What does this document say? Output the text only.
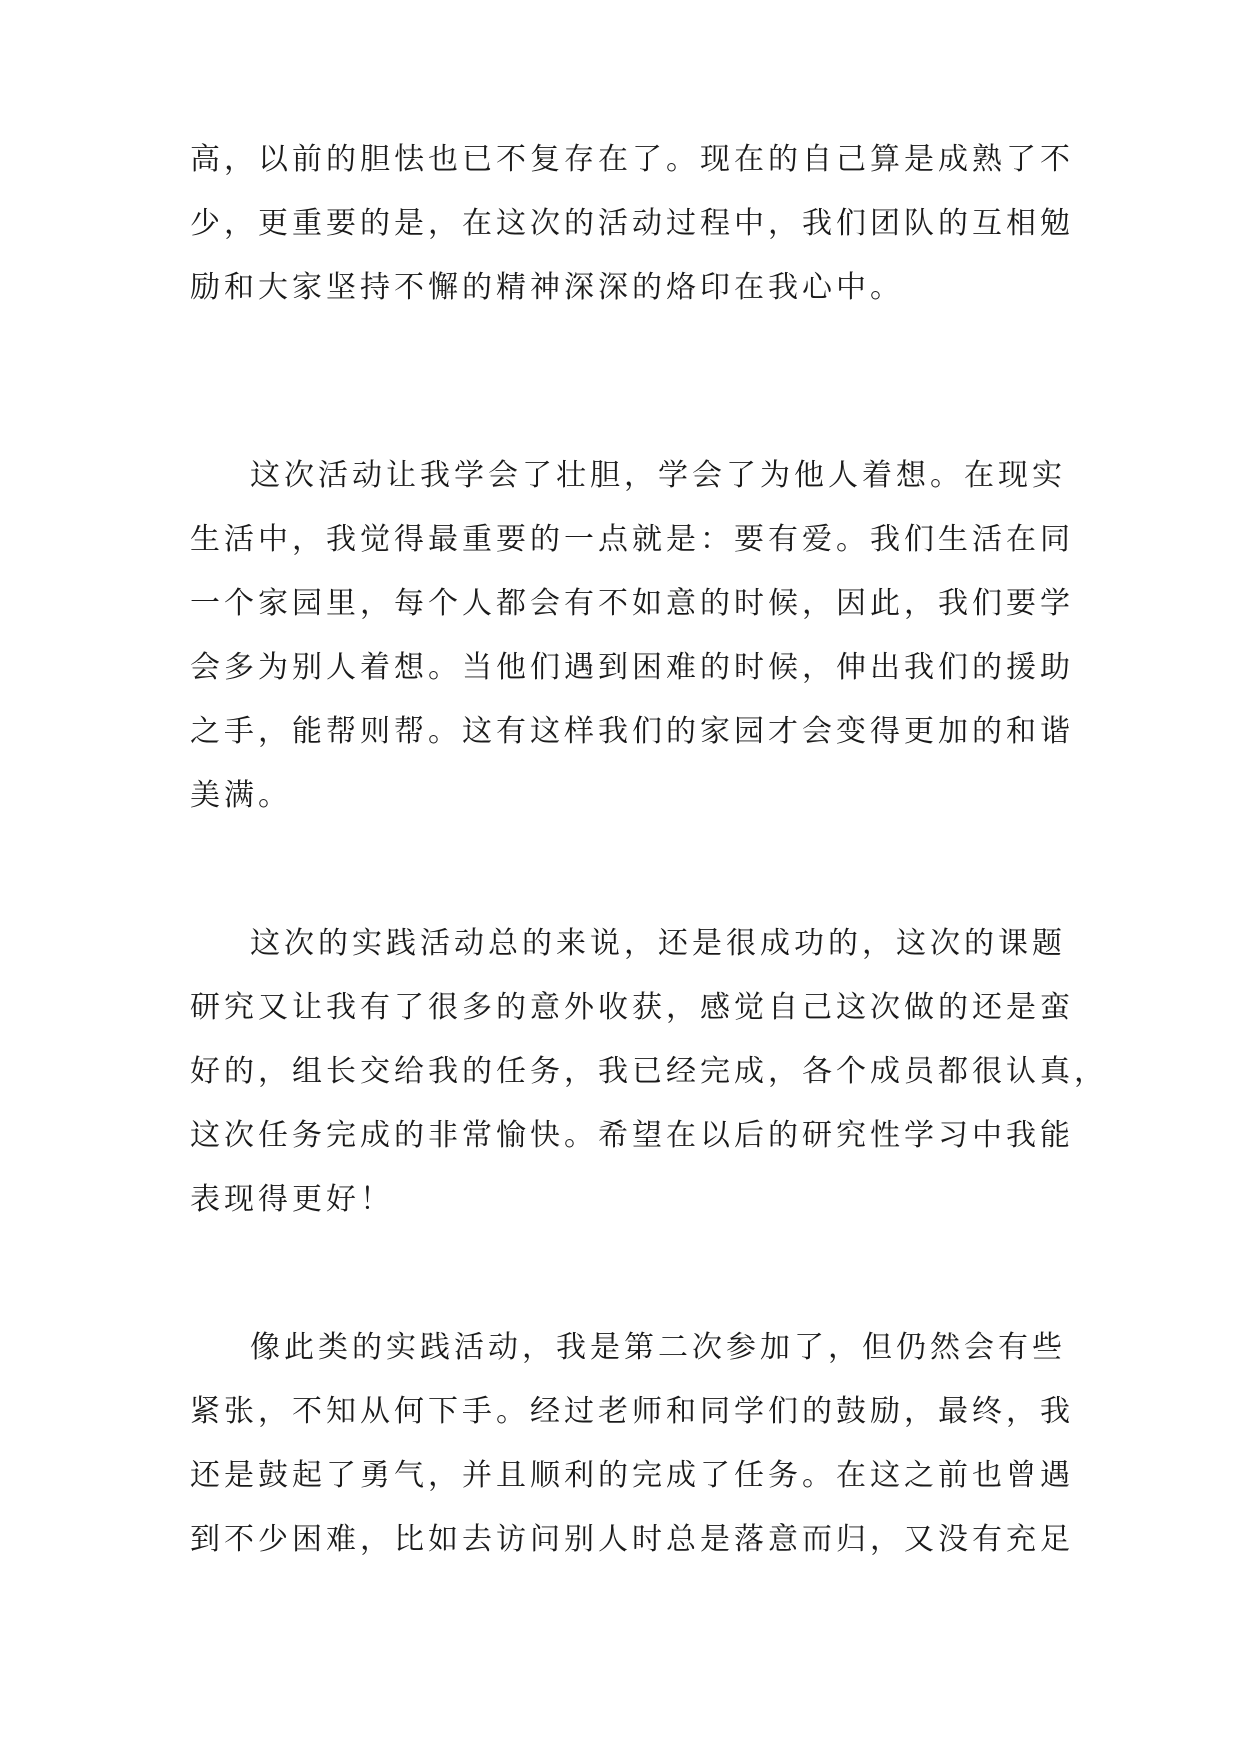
高，以前的胆怯也已不复存在了。现在的自己算是成熟了不
少，更重要的是，在这次的活动过程中，我们团队的互相勉
励和大家坚持不懈的精神深深的烙印在我心中。

这次活动让我学会了壮胆，学会了为他人着想。在现实
生活中，我觉得最重要的一点就是：要有爱。我们生活在同
一个家园里，每个人都会有不如意的时候，因此，我们要学
会多为别人着想。当他们遇到困难的时候，伸出我们的援助
之手，能帮则帮。这有这样我们的家园才会变得更加的和谐
美满。

这次的实践活动总的来说，还是很成功的，这次的课题
研究又让我有了很多的意外收获，感觉自己这次做的还是蛮
好的，组长交给我的任务，我已经完成，各个成员都很认真，
这次任务完成的非常愉快。希望在以后的研究性学习中我能
表现得更好！

像此类的实践活动，我是第二次参加了，但仍然会有些
紧张，不知从何下手。经过老师和同学们的鼓励，最终，我
还是鼓起了勇气，并且顺利的完成了任务。在这之前也曾遇
到不少困难，比如去访问别人时总是落意而归，又没有充足
